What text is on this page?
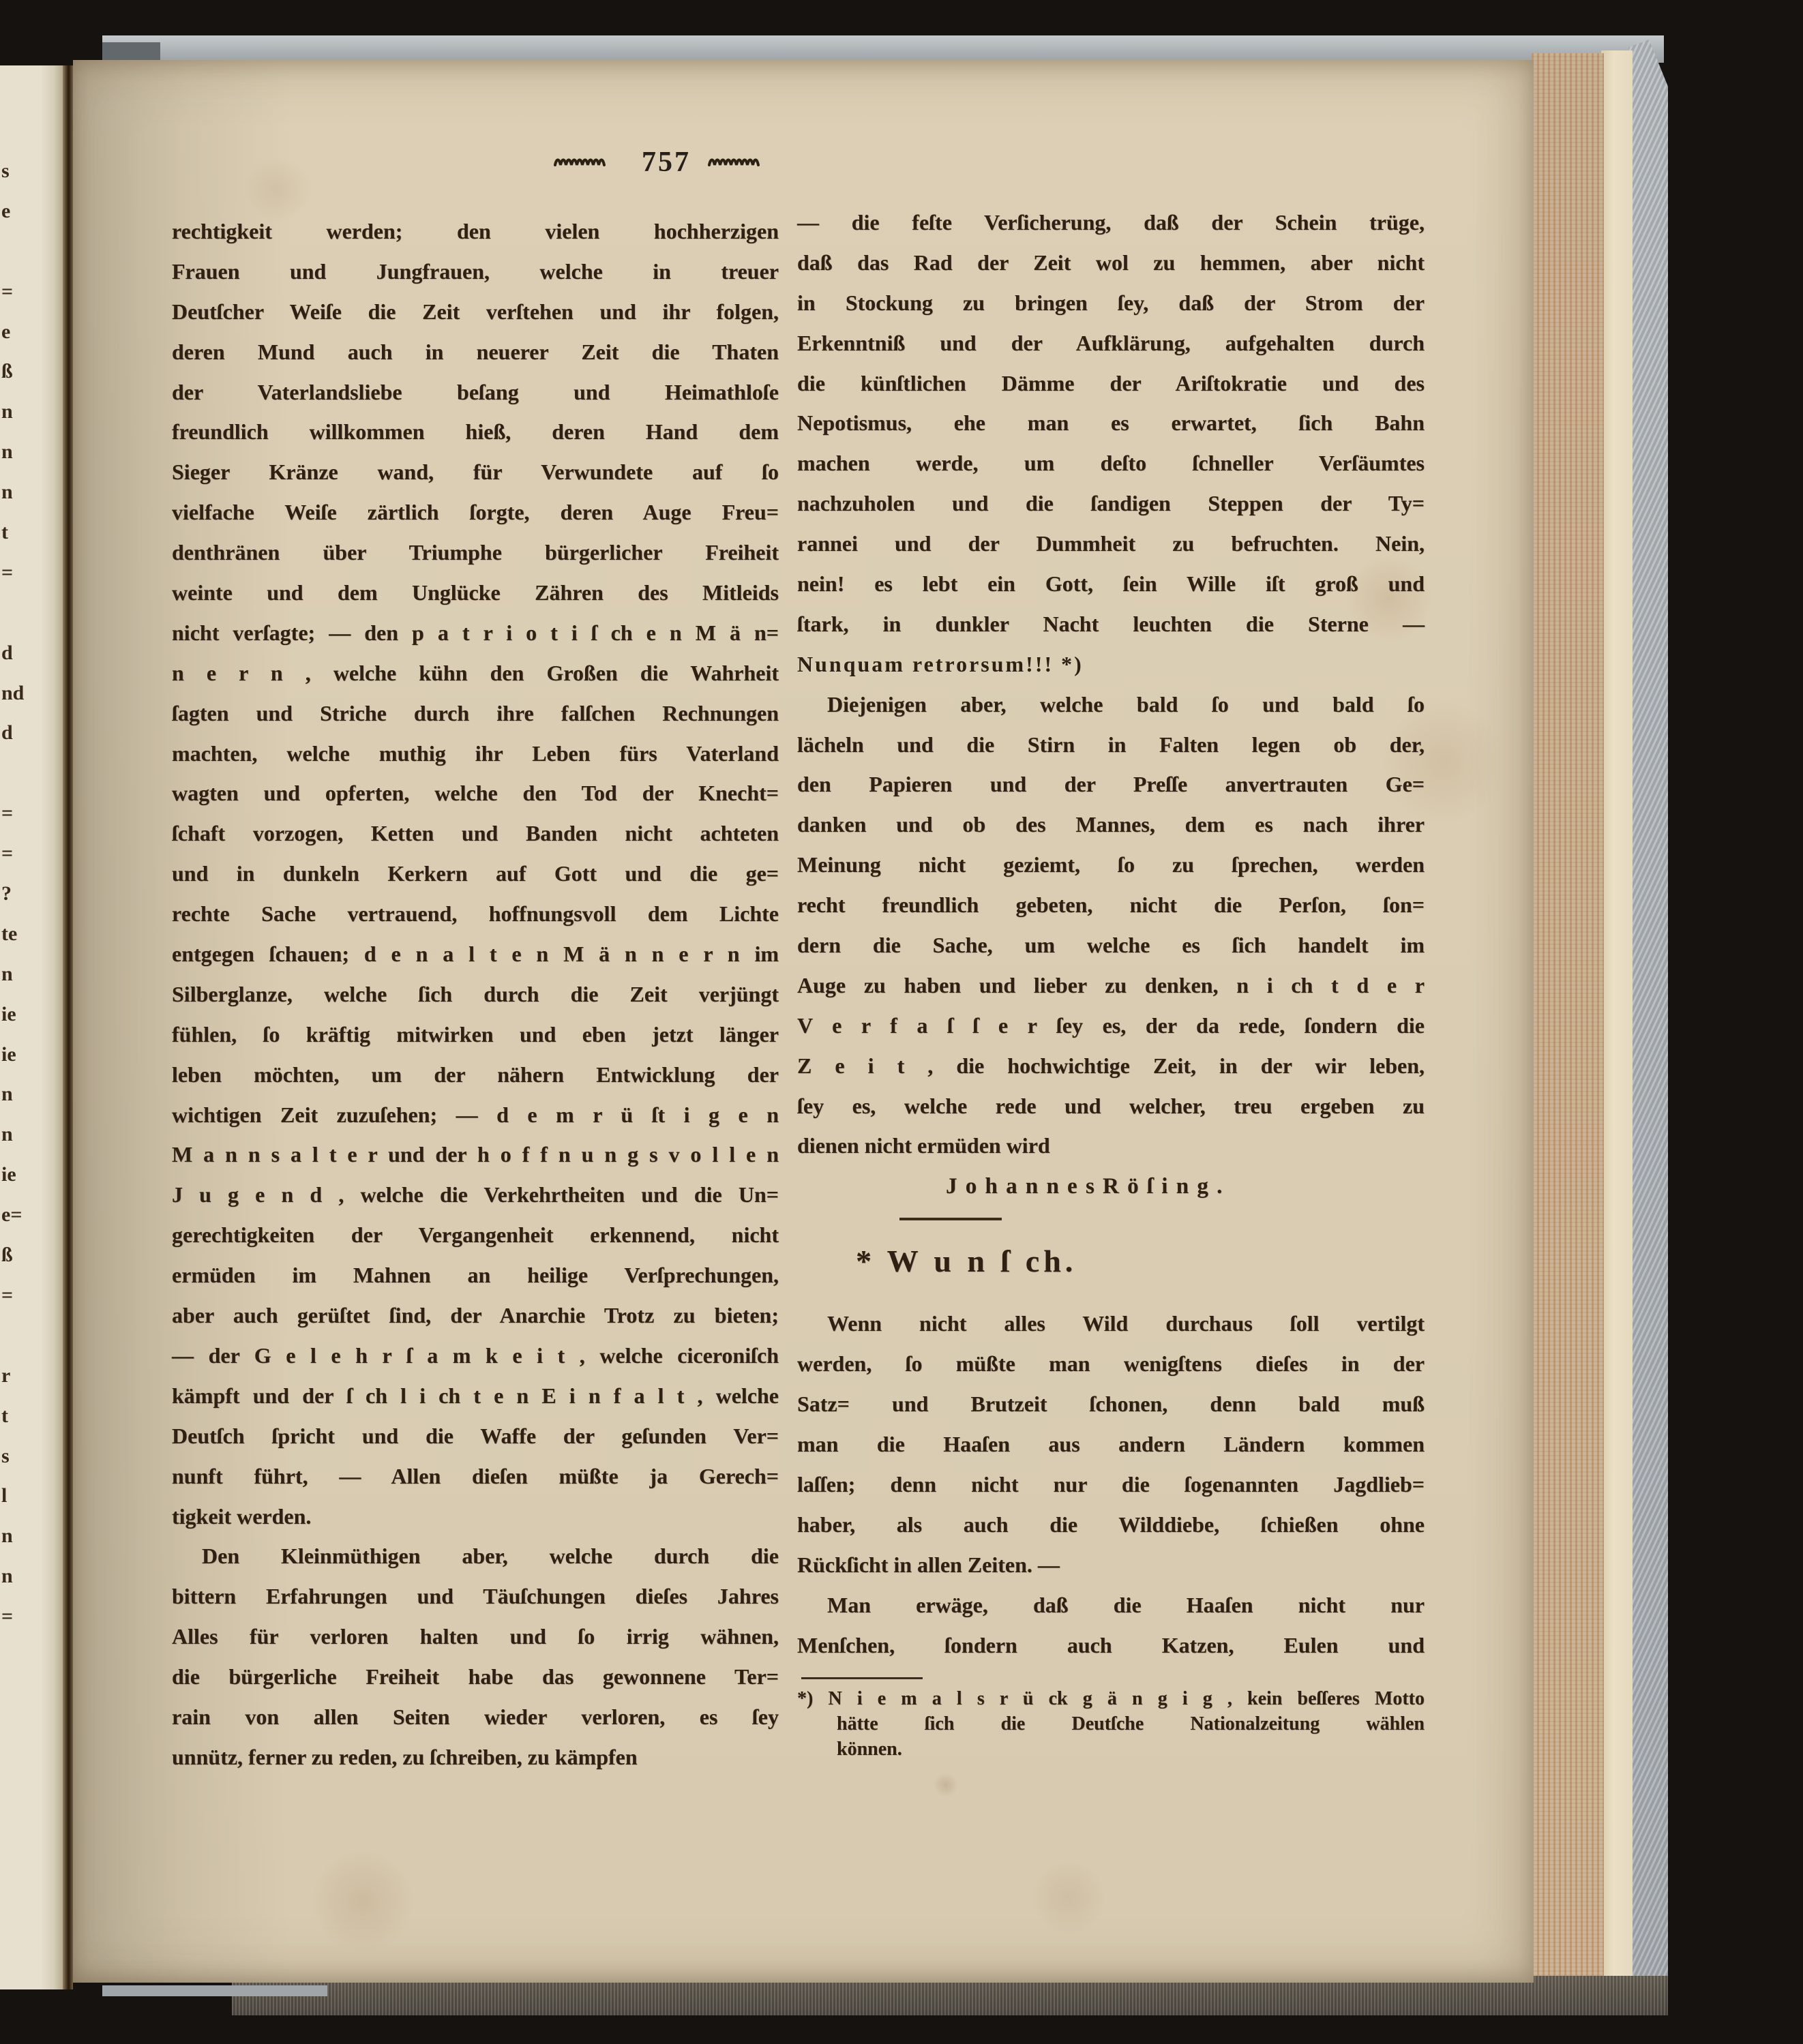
s
e

=
e
ß
n
n
n
t
=

d
nd
d

=
=
?
te
n
ie
ie
n
n
ie
e=
ß
=

r
t
s
l
n
n
=

757
rechtigkeit werden; den vielen hochherzigen
Frauen und Jungfrauen, welche in treuer
Deutſcher Weiſe die Zeit verſtehen und ihr folgen,
deren Mund auch in neuerer Zeit die Thaten
der Vaterlandsliebe beſang und Heimathloſe
freundlich willkommen hieß, deren Hand dem
Sieger Kränze wand, für Verwundete auf ſo
vielfache Weiſe zärtlich ſorgte, deren Auge Freu=
denthränen über Triumphe bürgerlicher Freiheit
weinte und dem Unglücke Zähren des Mitleids
nicht verſagte; — den p a t r i o t i ſ ch e n M ä n=
n e r n , welche kühn den Großen die Wahrheit
ſagten und Striche durch ihre falſchen Rechnungen
machten, welche muthig ihr Leben fürs Vaterland
wagten und opferten, welche den Tod der Knecht=
ſchaft vorzogen, Ketten und Banden nicht achteten
und in dunkeln Kerkern auf Gott und die ge=
rechte Sache vertrauend, hoffnungsvoll dem Lichte
entgegen ſchauen; d e n a l t e n M ä n n e r n im
Silberglanze, welche ſich durch die Zeit verjüngt
fühlen, ſo kräftig mitwirken und eben jetzt länger
leben möchten, um der nähern Entwicklung der
wichtigen Zeit zuzuſehen; — d e m r ü ſt i g e n
M a n n s a l t e r und der h o f f n u n g s v o l l e n
J u g e n d , welche die Verkehrtheiten und die Un=
gerechtigkeiten der Vergangenheit erkennend, nicht
ermüden im Mahnen an heilige Verſprechungen,
aber auch gerüſtet ſind, der Anarchie Trotz zu bieten;
— der G e l e h r ſ a m k e i t , welche ciceroniſch
kämpft und der ſ ch l i ch t e n E i n f a l t , welche
Deutſch ſpricht und die Waffe der geſunden Ver=
nunft führt, — Allen dieſen müßte ja Gerech=
tigkeit werden.
Den Kleinmüthigen aber, welche durch die
bittern Erfahrungen und Täuſchungen dieſes Jahres
Alles für verloren halten und ſo irrig wähnen,
die bürgerliche Freiheit habe das gewonnene Ter=
rain von allen Seiten wieder verloren, es ſey
unnütz, ferner zu reden, zu ſchreiben, zu kämpfen
— die feſte Verſicherung, daß der Schein trüge,
daß das Rad der Zeit wol zu hemmen, aber nicht
in Stockung zu bringen ſey, daß der Strom der
Erkenntniß und der Aufklärung, aufgehalten durch
die künſtlichen Dämme der Ariſtokratie und des
Nepotismus, ehe man es erwartet, ſich Bahn
machen werde, um deſto ſchneller Verſäumtes
nachzuholen und die ſandigen Steppen der Ty=
rannei und der Dummheit zu befruchten. Nein,
nein! es lebt ein Gott, ſein Wille iſt groß und
ſtark, in dunkler Nacht leuchten die Sterne —
Nunquam retrorsum!!! *)
Diejenigen aber, welche bald ſo und bald ſo
lächeln und die Stirn in Falten legen ob der,
den Papieren und der Preſſe anvertrauten Ge=
danken und ob des Mannes, dem es nach ihrer
Meinung nicht geziemt, ſo zu ſprechen, werden
recht freundlich gebeten, nicht die Perſon, ſon=
dern die Sache, um welche es ſich handelt im
Auge zu haben und lieber zu denken, n i ch t d e r
V e r f a ſ ſ e r ſey es, der da rede, ſondern die
Z e i t , die hochwichtige Zeit, in der wir leben,
ſey es, welche rede und welcher, treu ergeben zu
dienen nicht ermüden wird
J o h a n n e s R ö ſ i n g .
* W u n ſ ch.
Wenn nicht alles Wild durchaus ſoll vertilgt
werden, ſo müßte man wenigſtens dieſes in der
Satz= und Brutzeit ſchonen, denn bald muß
man die Haaſen aus andern Ländern kommen
laſſen; denn nicht nur die ſogenannten Jagdlieb=
haber, als auch die Wilddiebe, ſchießen ohne
Rückſicht in allen Zeiten. —
Man erwäge, daß die Haaſen nicht nur
Menſchen, ſondern auch Katzen, Eulen und
*) N i e m a l s r ü ck g ä n g i g , kein beſſeres Motto
hätte ſich die Deutſche Nationalzeitung wählen
können.
